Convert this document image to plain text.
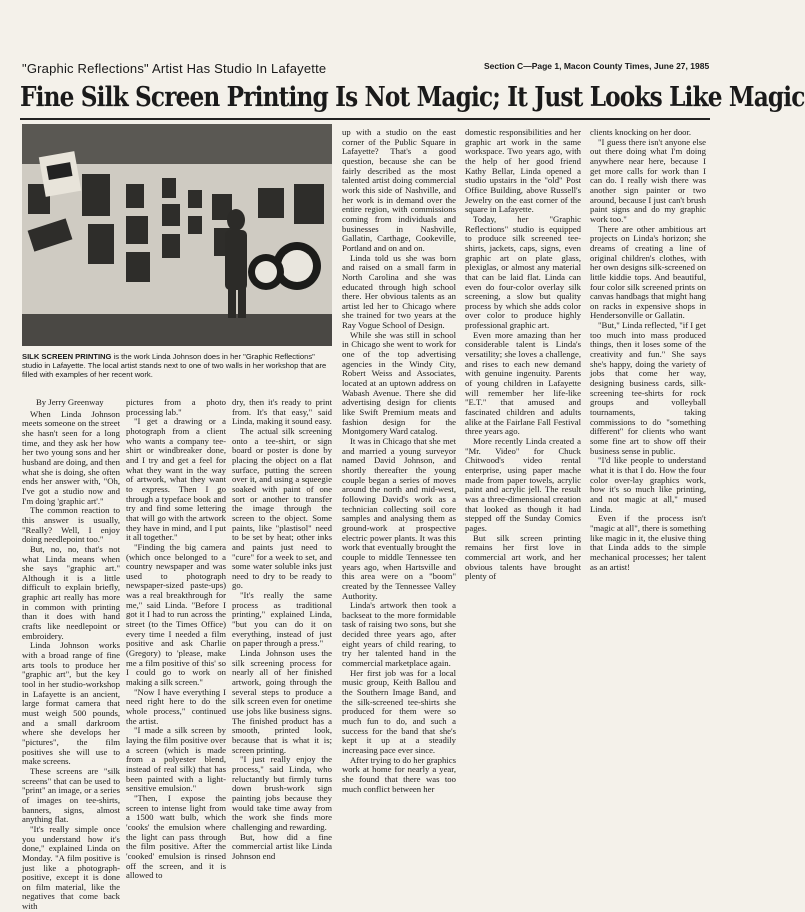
"Graphic Reflections" Artist Has Studio In Lafayette	Section C—Page 1, Macon County Times, June 27, 1985
Fine Silk Screen Printing Is Not Magic; It Just Looks Like Magic
SILK SCREEN PRINTING is the work Linda Johnson does in her "Graphic Reflections" studio in Lafayette. The local artist stands next to one of two walls in her workshop that are filled with examples of her recent work.
By Jerry Greenway

When Linda Johnson meets someone on the street she hasn't seen for a long time, and they ask her how her two young sons and her husband are doing, and then what she is doing, she often ends her answer with, "Oh, I've got a studio now and I'm doing 'graphic art'."

The common reaction to this answer is usually, "Really? Well, I enjoy doing needlepoint too."

But, no, no, that's not what Linda means when she says "graphic art." Although it is a little difficult to explain briefly, graphic art really has more in common with printing than it does with hand crafts like needlepoint or embroidery.

Linda Johnson works with a broad range of fine arts tools to produce her "graphic art", but the key tool in her studio-workshop in Lafayette is an ancient, large format camera that must weigh 500 pounds, and a small darkroom where she develops her "pictures", the film positives she will use to make screens.

These screens are "silk screens" that can be used to "print" an image, or a series of images on tee-shirts, banners, signs, almost anything flat.

"It's really simple once you understand how it's done," explained Linda on Monday. "A film positive is just like a photograph-positive, except it is done on film material, like the negatives that come back with

pictures from a photo processing lab."

"I get a drawing or a photograph from a client who wants a company tee-shirt or windbreaker done, and I try and get a feel for what they want in the way of artwork, what they want to express. Then I go through a typeface book and try and find some lettering that will go with the artwork they have in mind, and I put it all together."

"Finding the big camera (which once belonged to a country newspaper and was used to photograph newspaper-sized paste-ups) was a real breakthrough for me," said Linda. "Before I got it I had to run across the street (to the Times Office) every time I needed a film positive and ask Charlie (Gregory) to 'please, make me a film positive of this' so I could go to work on making a silk screen."

"Now I have everything I need right here to do the whole process," continued the artist.

"I made a silk screen by laying the film positive over a screen (which is made from a polyester blend, instead of real silk) that has been painted with a light-sensitive emulsion."

"Then, I expose the screen to intense light from a 1500 watt bulb, which 'cooks' the emulsion where the light can pass through the film positive. After the 'cooked' emulsion is rinsed off the screen, and it is allowed to

dry, then it's ready to print from. It's that easy," said Linda, making it sound easy.

The actual silk screening onto a tee-shirt, or sign board or poster is done by placing the object on a flat surface, putting the screen over it, and using a squeegie soaked with paint of one sort or another to transfer the image through the screen to the object. Some paints, like "plastisol" need to be set by heat; other inks and paints just need to "cure" for a week to set, and some water soluble inks just need to dry to be ready to go.

"It's really the same process as traditional printing," explained Linda, "but you can do it on everything, instead of just on paper through a press."

Linda Johnson uses the silk screening process for nearly all of her finished artwork, going through the several steps to produce a silk screen even for onetime use jobs like business signs. The finished product has a smooth, printed look, because that is what it is; screen printing.

"I just really enjoy the process," said Linda, who reluctantly but firmly turns down brush-work sign painting jobs because they would take time away from the work she finds more challenging and rewarding.

But, how did a fine commercial artist like Linda Johnson end

up with a studio on the east corner of the Public Square in Lafayette? That's a good question, because she can be fairly described as the most talented artist doing commercial work this side of Nashville, and her work is in demand over the entire region, with commissions coming from individuals and businesses in Nashville, Gallatin, Carthage, Cookeville, Portland and on and on.

Linda told us she was born and raised on a small farm in North Carolina and she was educated through high school there. Her obvious talents as an artist led her to Chicago where she trained for two years at the Ray Vogue School of Design.

While she was still in school in Chicago she went to work for one of the top advertising agencies in the Windy City, Robert Weiss and Associates, located at an uptown address on Wabash Avenue. There she did advertising design for clients like Swift Premium meats and fashion design for the Montgomery Ward catalog.

It was in Chicago that she met and married a young surveyor named David Johnson, and shortly thereafter the young couple began a series of moves around the north and mid-west, following David's work as a technician collecting soil core samples and analysing them as ground-work at prospective electric power plants. It was this work that eventually brought the couple to middle Tennessee ten years ago, when Hartsville and this area were on a "boom" created by the Tennessee Valley Authority.

Linda's artwork then took a backseat to the more formidable task of raising two sons, but she decided three years ago, after eight years of child rearing, to try her talented hand in the commercial marketplace again.

Her first job was for a local music group, Keith Ballou and the Southern Image Band, and the silk-screened tee-shirts she produced for them were so much fun to do, and such a success for the band that she's kept it up at a steadily increasing pace ever since.

After trying to do her graphics work at home for nearly a year, she found that there was too much conflict between her

domestic responsibilities and her graphic art work in the same workspace. Two years ago, with the help of her good friend Kathy Bellar, Linda opened a studio upstairs in the "old" Post Office Building, above Russell's Jewelry on the east corner of the square in Lafayette.

Today, her "Graphic Reflections" studio is equipped to produce silk screened tee-shirts, jackets, caps, signs, even graphic art on plate glass, plexiglas, or almost any material that can be laid flat. Linda can even do four-color overlay silk screening, a slow but quality process by which she adds color over color to produce highly professional graphic art.

Even more amazing than her considerable talent is Linda's versatility; she loves a challenge, and rises to each new demand with genuine ingenuity. Parents of young children in Lafayette will remember her life-like "E.T." that amused and fascinated children and adults alike at the Fairlane Fall Festival three years ago.

More recently Linda created a "Mr. Video" for Chuck Chitwood's video rental enterprise, using paper mache made from paper towels, acrylic paint and acrylic jell. The result was a three-dimensional creation that looked as though it had stepped off the Sunday Comics pages.

But silk screen printing remains her first love in commercial art work, and her obvious talents have brought plenty of

clients knocking on her door.

"I guess there isn't anyone else out there doing what I'm doing anywhere near here, because I get more calls for work than I can do. I really wish there was another sign painter or two around, because I just can't brush paint signs and do my graphic work too."

There are other ambitious art projects on Linda's horizon; she dreams of creating a line of original children's clothes, with her own designs silk-screened on little kiddie tops. And beautiful, four color silk screened prints on canvas handbags that might hang on racks in expensive shops in Hendersonville or Gallatin.

"But," Linda reflected, "if I get too much into mass produced things, then it loses some of the creativity and fun." She says she's happy, doing the variety of jobs that come her way, designing business cards, silk-screening tee-shirts for rock groups and volleyball tournaments, taking commissions to do "something different" for clients who want some fine art to show off their business sense in public.

"I'd like people to understand what it is that I do. How the four color over-lay graphics work, how it's so much like printing, and not magic at all," mused Linda.

Even if the process isn't "magic at all", there is something like magic in it, the elusive thing that Linda adds to the simple mechanical processes; her talent as an artist!
